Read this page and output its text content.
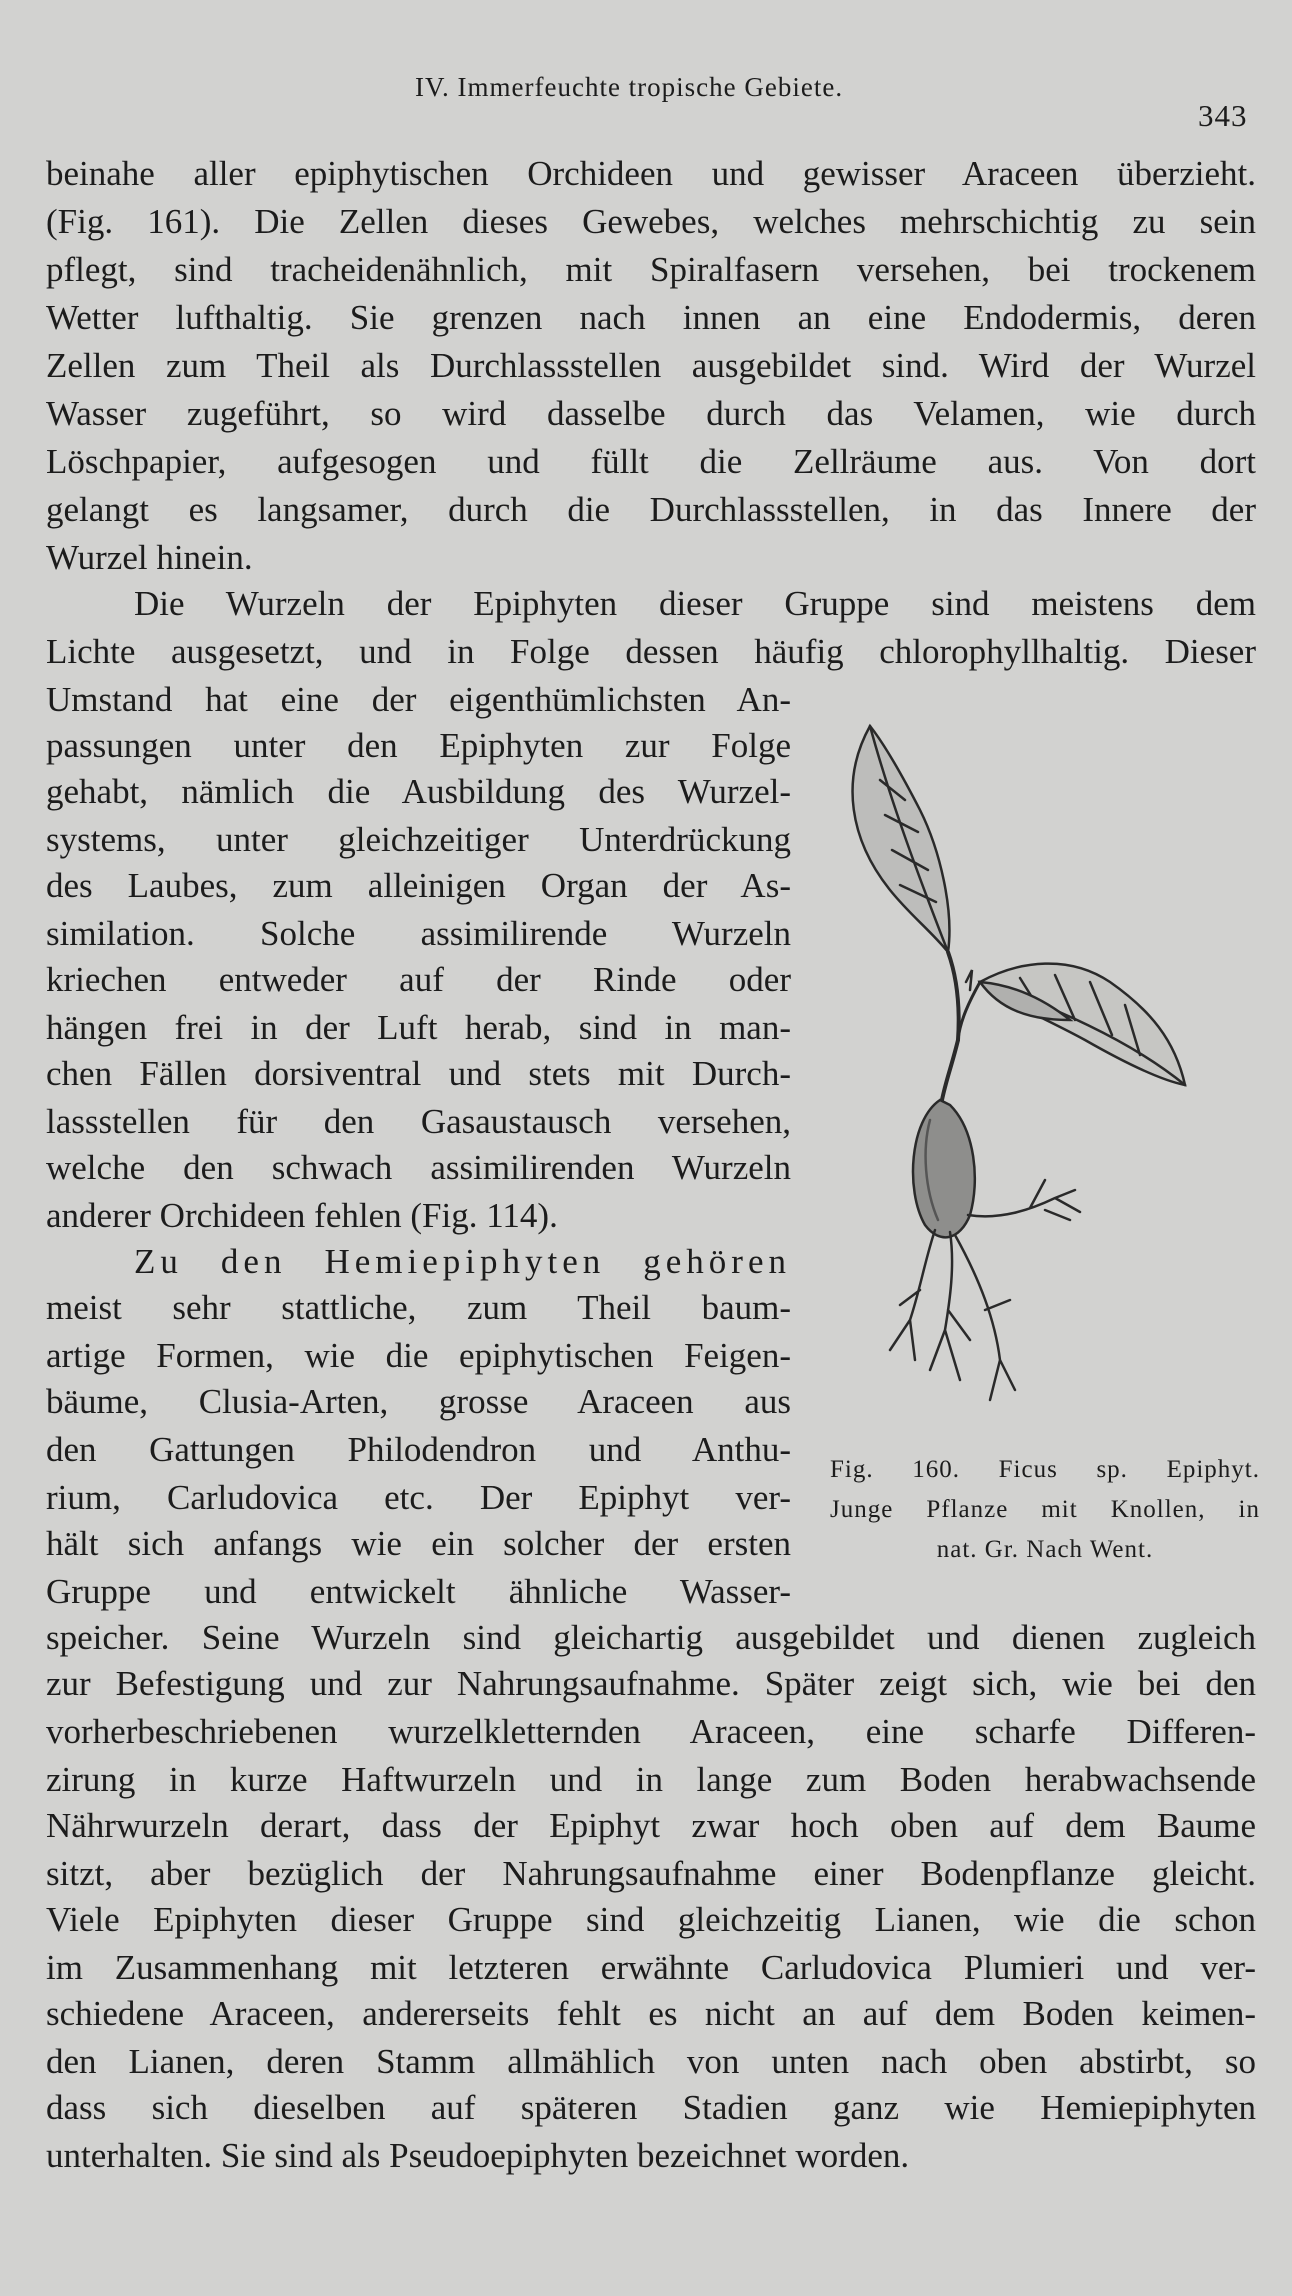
IV. Immerfeuchte tropische Gebiete.
343
beinahe aller epiphytischen Orchideen und gewisser Araceen überzieht.
(Fig. 161). Die Zellen dieses Gewebes, welches mehrschichtig zu sein
pflegt, sind tracheidenähnlich, mit Spiralfasern versehen, bei trockenem
Wetter lufthaltig. Sie grenzen nach innen an eine Endodermis, deren
Zellen zum Theil als Durchlassstellen ausgebildet sind. Wird der Wurzel
Wasser zugeführt, so wird dasselbe durch das Velamen, wie durch
Löschpapier, aufgesogen und füllt die Zellräume aus. Von dort
gelangt es langsamer, durch die Durchlassstellen, in das Innere der
Wurzel hinein.
Die Wurzeln der Epiphyten dieser Gruppe sind meistens dem
Lichte ausgesetzt, und in Folge dessen häufig chlorophyllhaltig. Dieser
Umstand hat eine der eigenthümlichsten An-
passungen unter den Epiphyten zur Folge
gehabt, nämlich die Ausbildung des Wurzel-
systems, unter gleichzeitiger Unterdrückung
des Laubes, zum alleinigen Organ der As-
similation. Solche assimilirende Wurzeln
kriechen entweder auf der Rinde oder
hängen frei in der Luft herab, sind in man-
chen Fällen dorsiventral und stets mit Durch-
lassstellen für den Gasaustausch versehen,
welche den schwach assimilirenden Wurzeln
anderer Orchideen fehlen (Fig. 114).
Zu den Hemiepiphyten gehören
meist sehr stattliche, zum Theil baum-
artige Formen, wie die epiphytischen Feigen-
bäume, Clusia-Arten, grosse Araceen aus
den Gattungen Philodendron und Anthu-
rium, Carludovica etc. Der Epiphyt ver-
hält sich anfangs wie ein solcher der ersten
Gruppe und entwickelt ähnliche Wasser-
speicher. Seine Wurzeln sind gleichartig ausgebildet und dienen zugleich
zur Befestigung und zur Nahrungsaufnahme. Später zeigt sich, wie bei den
vorherbeschriebenen wurzelkletternden Araceen, eine scharfe Differen-
zirung in kurze Haftwurzeln und in lange zum Boden herabwachsende
Nährwurzeln derart, dass der Epiphyt zwar hoch oben auf dem Baume
sitzt, aber bezüglich der Nahrungsaufnahme einer Bodenpflanze gleicht.
Viele Epiphyten dieser Gruppe sind gleichzeitig Lianen, wie die schon
im Zusammenhang mit letzteren erwähnte Carludovica Plumieri und ver-
schiedene Araceen, andererseits fehlt es nicht an auf dem Boden keimen-
den Lianen, deren Stamm allmählich von unten nach oben abstirbt, so
dass sich dieselben auf späteren Stadien ganz wie Hemiepiphyten
unterhalten. Sie sind als Pseudoepiphyten bezeichnet worden.
Fig. 160. Ficus sp. Epiphyt.
Junge Pflanze mit Knollen, in
nat. Gr. Nach Went.
